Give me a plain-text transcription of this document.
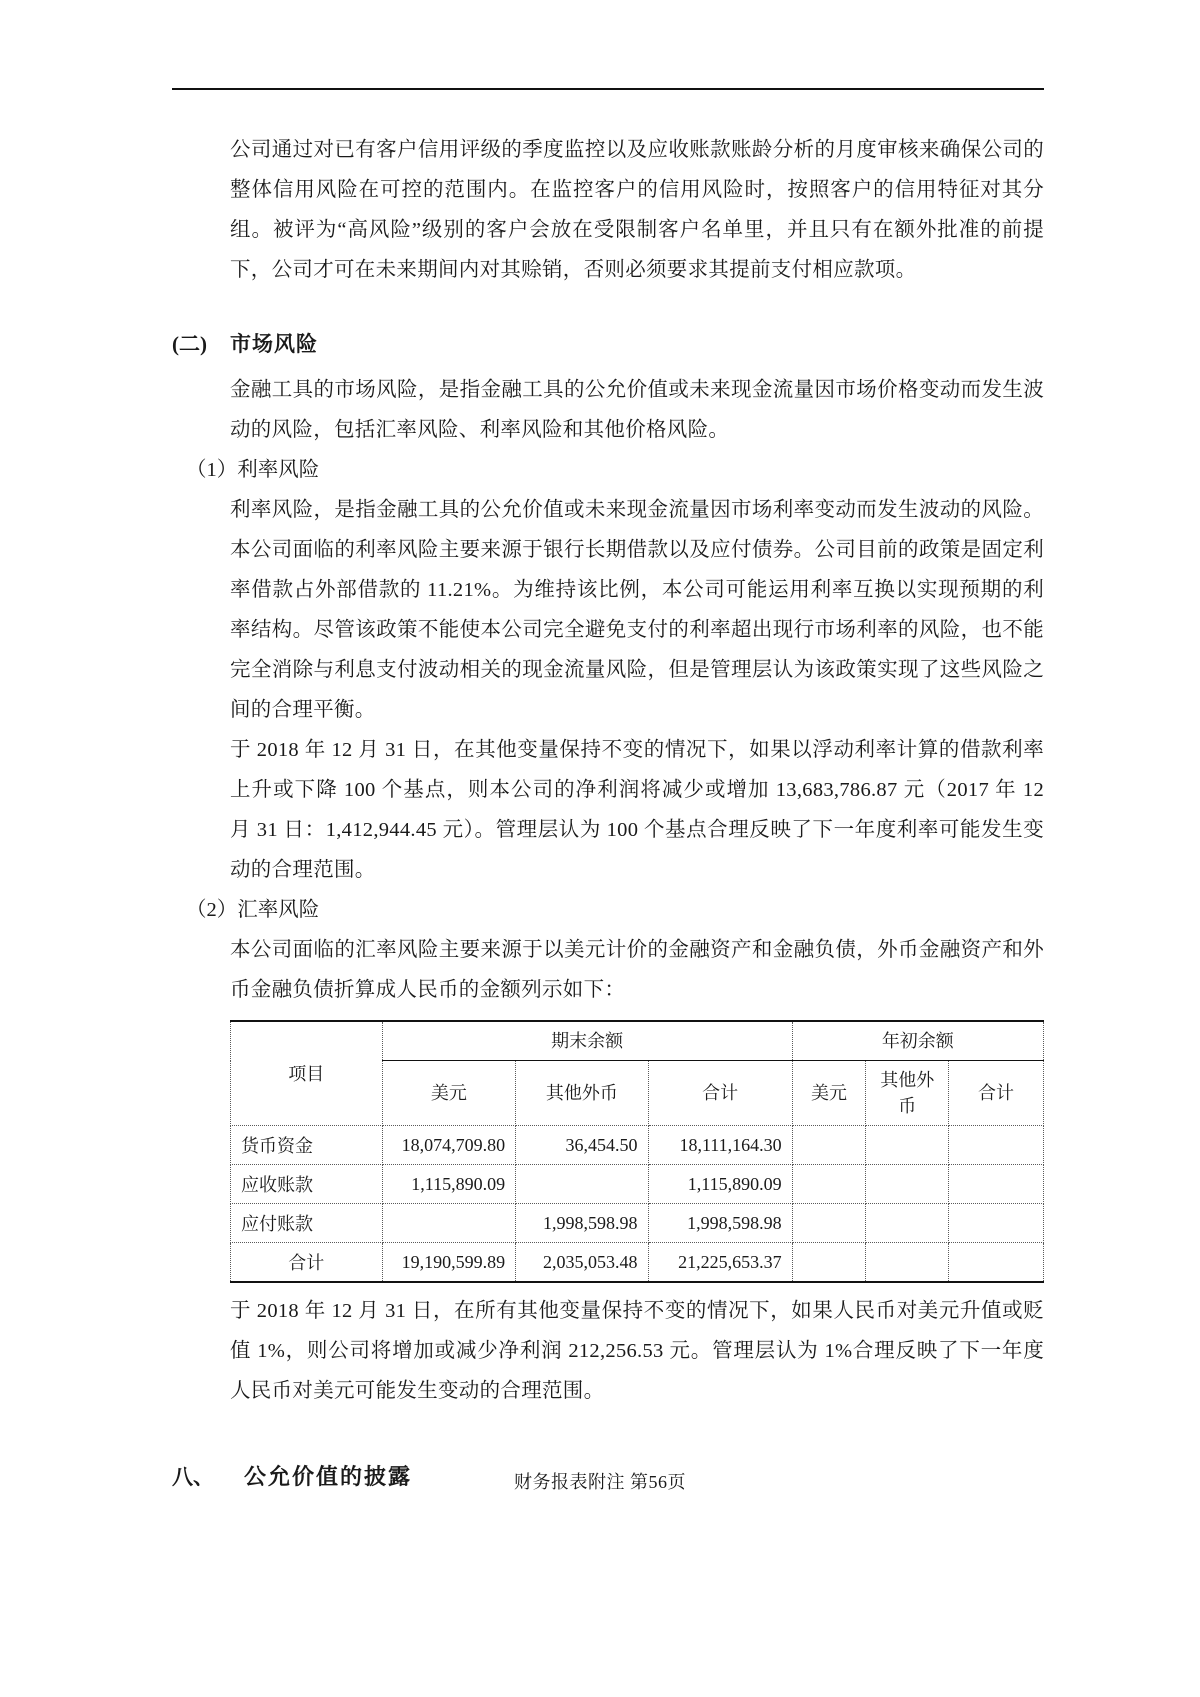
公司通过对已有客户信用评级的季度监控以及应收账款账龄分析的月度审核来确保公司的整体信用风险在可控的范围内。在监控客户的信用风险时，按照客户的信用特征对其分组。被评为“高风险”级别的客户会放在受限制客户名单里，并且只有在额外批准的前提下，公司才可在未来期间内对其赊销，否则必须要求其提前支付相应款项。

(二)	市场风险

金融工具的市场风险，是指金融工具的公允价值或未来现金流量因市场价格变动而发生波动的风险，包括汇率风险、利率风险和其他价格风险。

（1）利率风险

利率风险，是指金融工具的公允价值或未来现金流量因市场利率变动而发生波动的风险。本公司面临的利率风险主要来源于银行长期借款以及应付债券。公司目前的政策是固定利率借款占外部借款的 11.21%。为维持该比例，本公司可能运用利率互换以实现预期的利率结构。尽管该政策不能使本公司完全避免支付的利率超出现行市场利率的风险，也不能完全消除与利息支付波动相关的现金流量风险，但是管理层认为该政策实现了这些风险之间的合理平衡。

于 2018 年 12 月 31 日，在其他变量保持不变的情况下，如果以浮动利率计算的借款利率上升或下降 100 个基点，则本公司的净利润将减少或增加 13,683,786.87 元（2017 年 12 月 31 日：1,412,944.45 元）。管理层认为 100 个基点合理反映了下一年度利率可能发生变动的合理范围。

（2）汇率风险

本公司面临的汇率风险主要来源于以美元计价的金融资产和金融负债，外币金融资产和外币金融负债折算成人民币的金额列示如下：

项目	期末余额			年初余额		
	美元	其他外币	合计	美元	其他外币	合计
货币资金	18,074,709.80	36,454.50	18,111,164.30			
应收账款	1,115,890.09		1,115,890.09			
应付账款		1,998,598.98	1,998,598.98			
合计	19,190,599.89	2,035,053.48	21,225,653.37			

于 2018 年 12 月 31 日，在所有其他变量保持不变的情况下，如果人民币对美元升值或贬值 1%，则公司将增加或减少净利润 212,256.53 元。管理层认为 1%合理反映了下一年度人民币对美元可能发生变动的合理范围。

八、	公允价值的披露	财务报表附注 第56页
